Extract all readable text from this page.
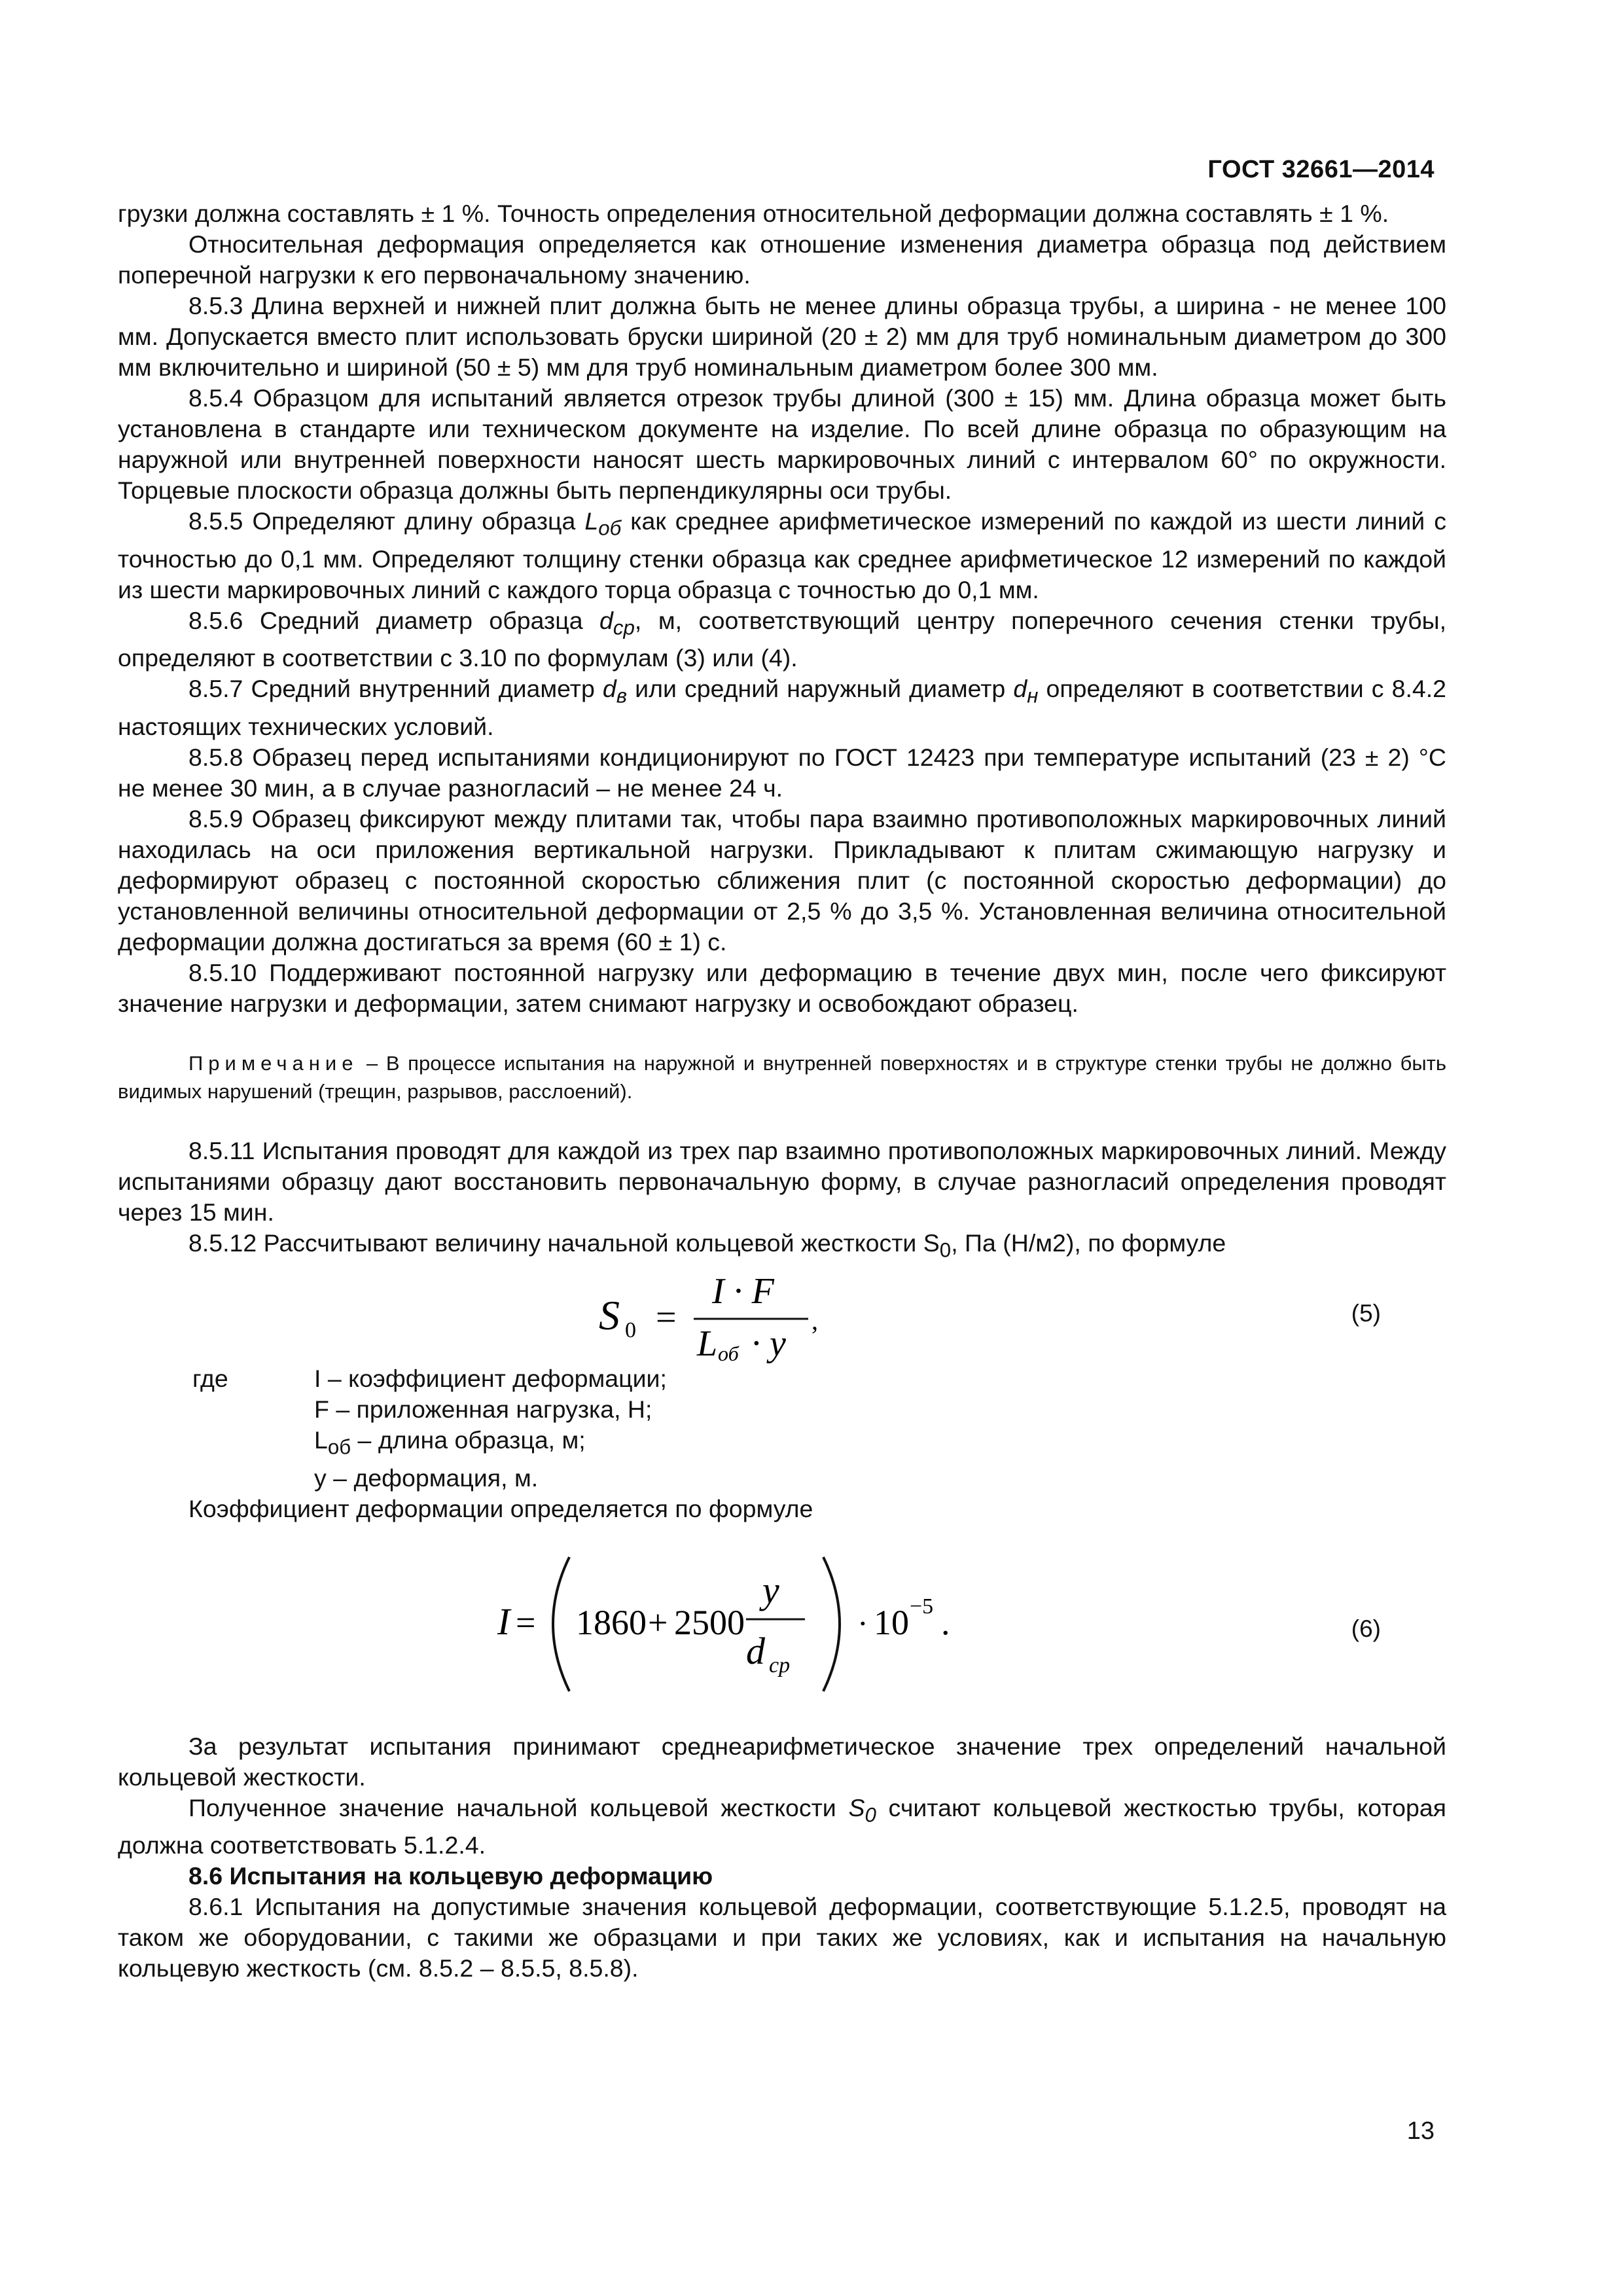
ГОСТ 32661—2014

грузки должна составлять ± 1 %. Точность определения относительной деформации должна составлять ± 1 %.

Относительная деформация определяется как отношение изменения диаметра образца под действием поперечной нагрузки к его первоначальному значению.

8.5.3 Длина верхней и нижней плит должна быть не менее длины образца трубы, а ширина - не менее 100 мм. Допускается вместо плит использовать бруски шириной (20 ± 2) мм для труб номинальным диаметром до 300 мм включительно и шириной (50 ± 5) мм для труб номинальным диаметром более 300 мм.

8.5.4 Образцом для испытаний является отрезок трубы длиной (300 ± 15) мм. Длина образца может быть установлена в стандарте или техническом документе на изделие. По всей длине образца по образующим на наружной или внутренней поверхности наносят шесть маркировочных линий с интервалом 60° по окружности. Торцевые плоскости образца должны быть перпендикулярны оси трубы.

8.5.5 Определяют длину образца $L_{об}$ как среднее арифметическое измерений по каждой из шести линий с точностью до 0,1 мм. Определяют толщину стенки образца как среднее арифметическое 12 измерений по каждой из шести маркировочных линий с каждого торца образца с точностью до 0,1 мм.

8.5.6 Средний диаметр образца $d_{ср}$, м, соответствующий центру поперечного сечения стенки трубы, определяют в соответствии с 3.10 по формулам (3) или (4).

8.5.7 Средний внутренний диаметр $d_в$ или средний наружный диаметр $d_н$ определяют в соответствии с 8.4.2 настоящих технических условий.

8.5.8 Образец перед испытаниями кондиционируют по ГОСТ 12423 при температуре испытаний (23 ± 2) °C не менее 30 мин, а в случае разногласий – не менее 24 ч.

8.5.9 Образец фиксируют между плитами так, чтобы пара взаимно противоположных маркировочных линий находилась на оси приложения вертикальной нагрузки. Прикладывают к плитам сжимающую нагрузку и деформируют образец с постоянной скоростью сближения плит (с постоянной скоростью деформации) до установленной величины относительной деформации от 2,5 % до 3,5 %. Установленная величина относительной деформации должна достигаться за время (60 ± 1) с.

8.5.10 Поддерживают постоянной нагрузку или деформацию в течение двух мин, после чего фиксируют значение нагрузки и деформации, затем снимают нагрузку и освобождают образец.

Примечание – В процессе испытания на наружной и внутренней поверхностях и в структуре стенки трубы не должно быть видимых нарушений (трещин, разрывов, расслоений).

8.5.11 Испытания проводят для каждой из трех пар взаимно противоположных маркировочных линий. Между испытаниями образцу дают восстановить первоначальную форму, в случае разногласий определения проводят через 15 мин.

8.5.12 Рассчитывают величину начальной кольцевой жесткости $S_0$, Па (Н/м2), по формуле

S 0 =
I · F
L об · y
,	(5)
где	I – коэффициент деформации;
F – приложенная нагрузка, Н;
$L_{об}$ – длина образца, м;
y – деформация, м.

Коэффициент деформации определяется по формуле

I = 1860 + 2500
y
d ср
· 10 −5 .	(6)

За результат испытания принимают среднеарифметическое значение трех определений начальной кольцевой жесткости.

Полученное значение начальной кольцевой жесткости $S_0$ считают кольцевой жесткостью трубы, которая должна соответствовать 5.1.2.4.

8.6 Испытания на кольцевую деформацию

8.6.1 Испытания на допустимые значения кольцевой деформации, соответствующие 5.1.2.5, проводят на таком же оборудовании, с такими же образцами и при таких же условиях, как и испытания на начальную кольцевую жесткость (см. 8.5.2 – 8.5.5, 8.5.8).

13
